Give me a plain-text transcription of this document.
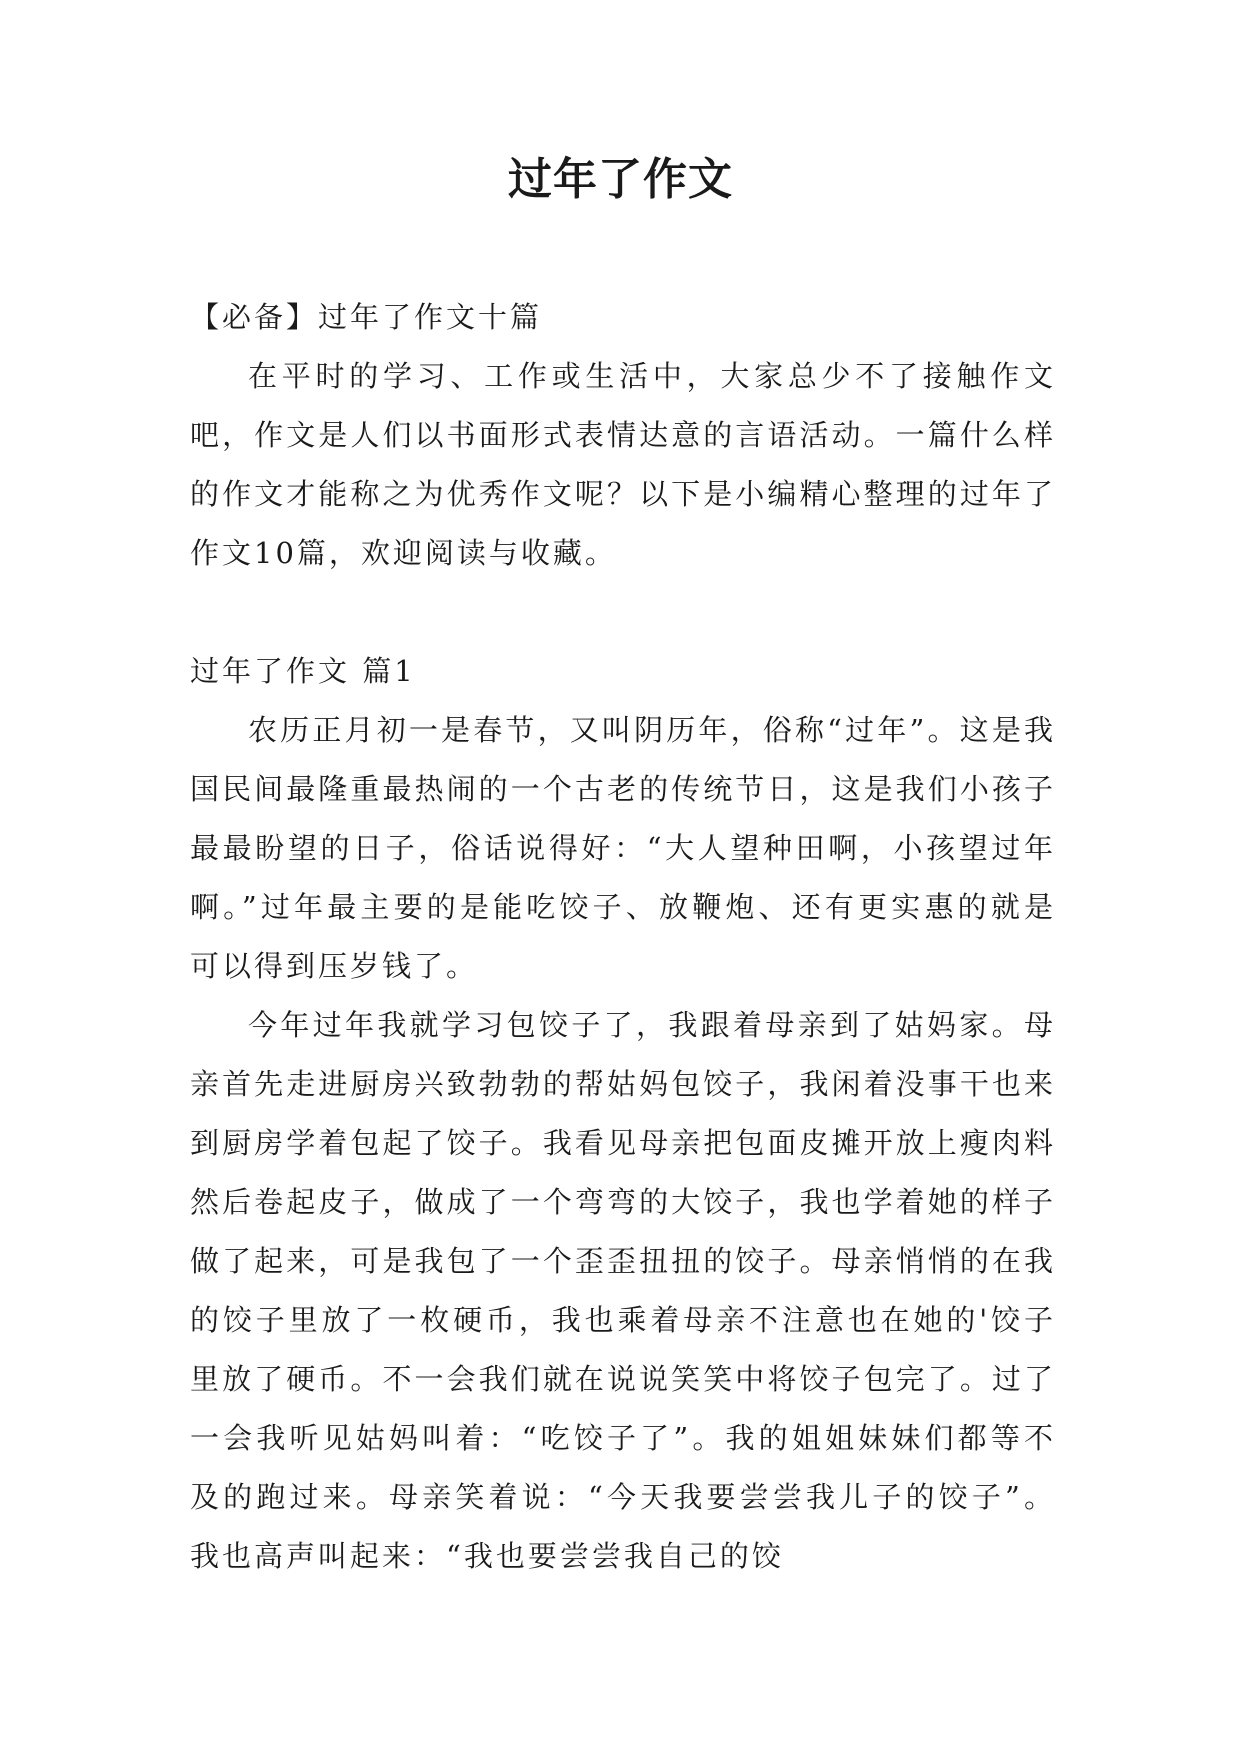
过年了作文

【必备】过年了作文十篇

在平时的学习、工作或生活中，大家总少不了接触作文吧，作文是人们以书面形式表情达意的言语活动。一篇什么样的作文才能称之为优秀作文呢？以下是小编精心整理的过年了作文10篇，欢迎阅读与收藏。

过年了作文 篇1

农历正月初一是春节，又叫阴历年，俗称“过年”。这是我国民间最隆重最热闹的一个古老的传统节日，这是我们小孩子最最盼望的日子，俗话说得好：“大人望种田啊，小孩望过年啊。”过年最主要的是能吃饺子、放鞭炮、还有更实惠的就是可以得到压岁钱了。

今年过年我就学习包饺子了，我跟着母亲到了姑妈家。母亲首先走进厨房兴致勃勃的帮姑妈包饺子，我闲着没事干也来到厨房学着包起了饺子。我看见母亲把包面皮摊开放上瘦肉料然后卷起皮子，做成了一个弯弯的大饺子，我也学着她的样子做了起来，可是我包了一个歪歪扭扭的饺子。母亲悄悄的在我的饺子里放了一枚硬币，我也乘着母亲不注意也在她的'饺子里放了硬币。不一会我们就在说说笑笑中将饺子包完了。过了一会我听见姑妈叫着：“吃饺子了”。我的姐姐妹妹们都等不及的跑过来。母亲笑着说：“今天我要尝尝我儿子的饺子”。我也高声叫起来：“我也要尝尝我自己的饺
